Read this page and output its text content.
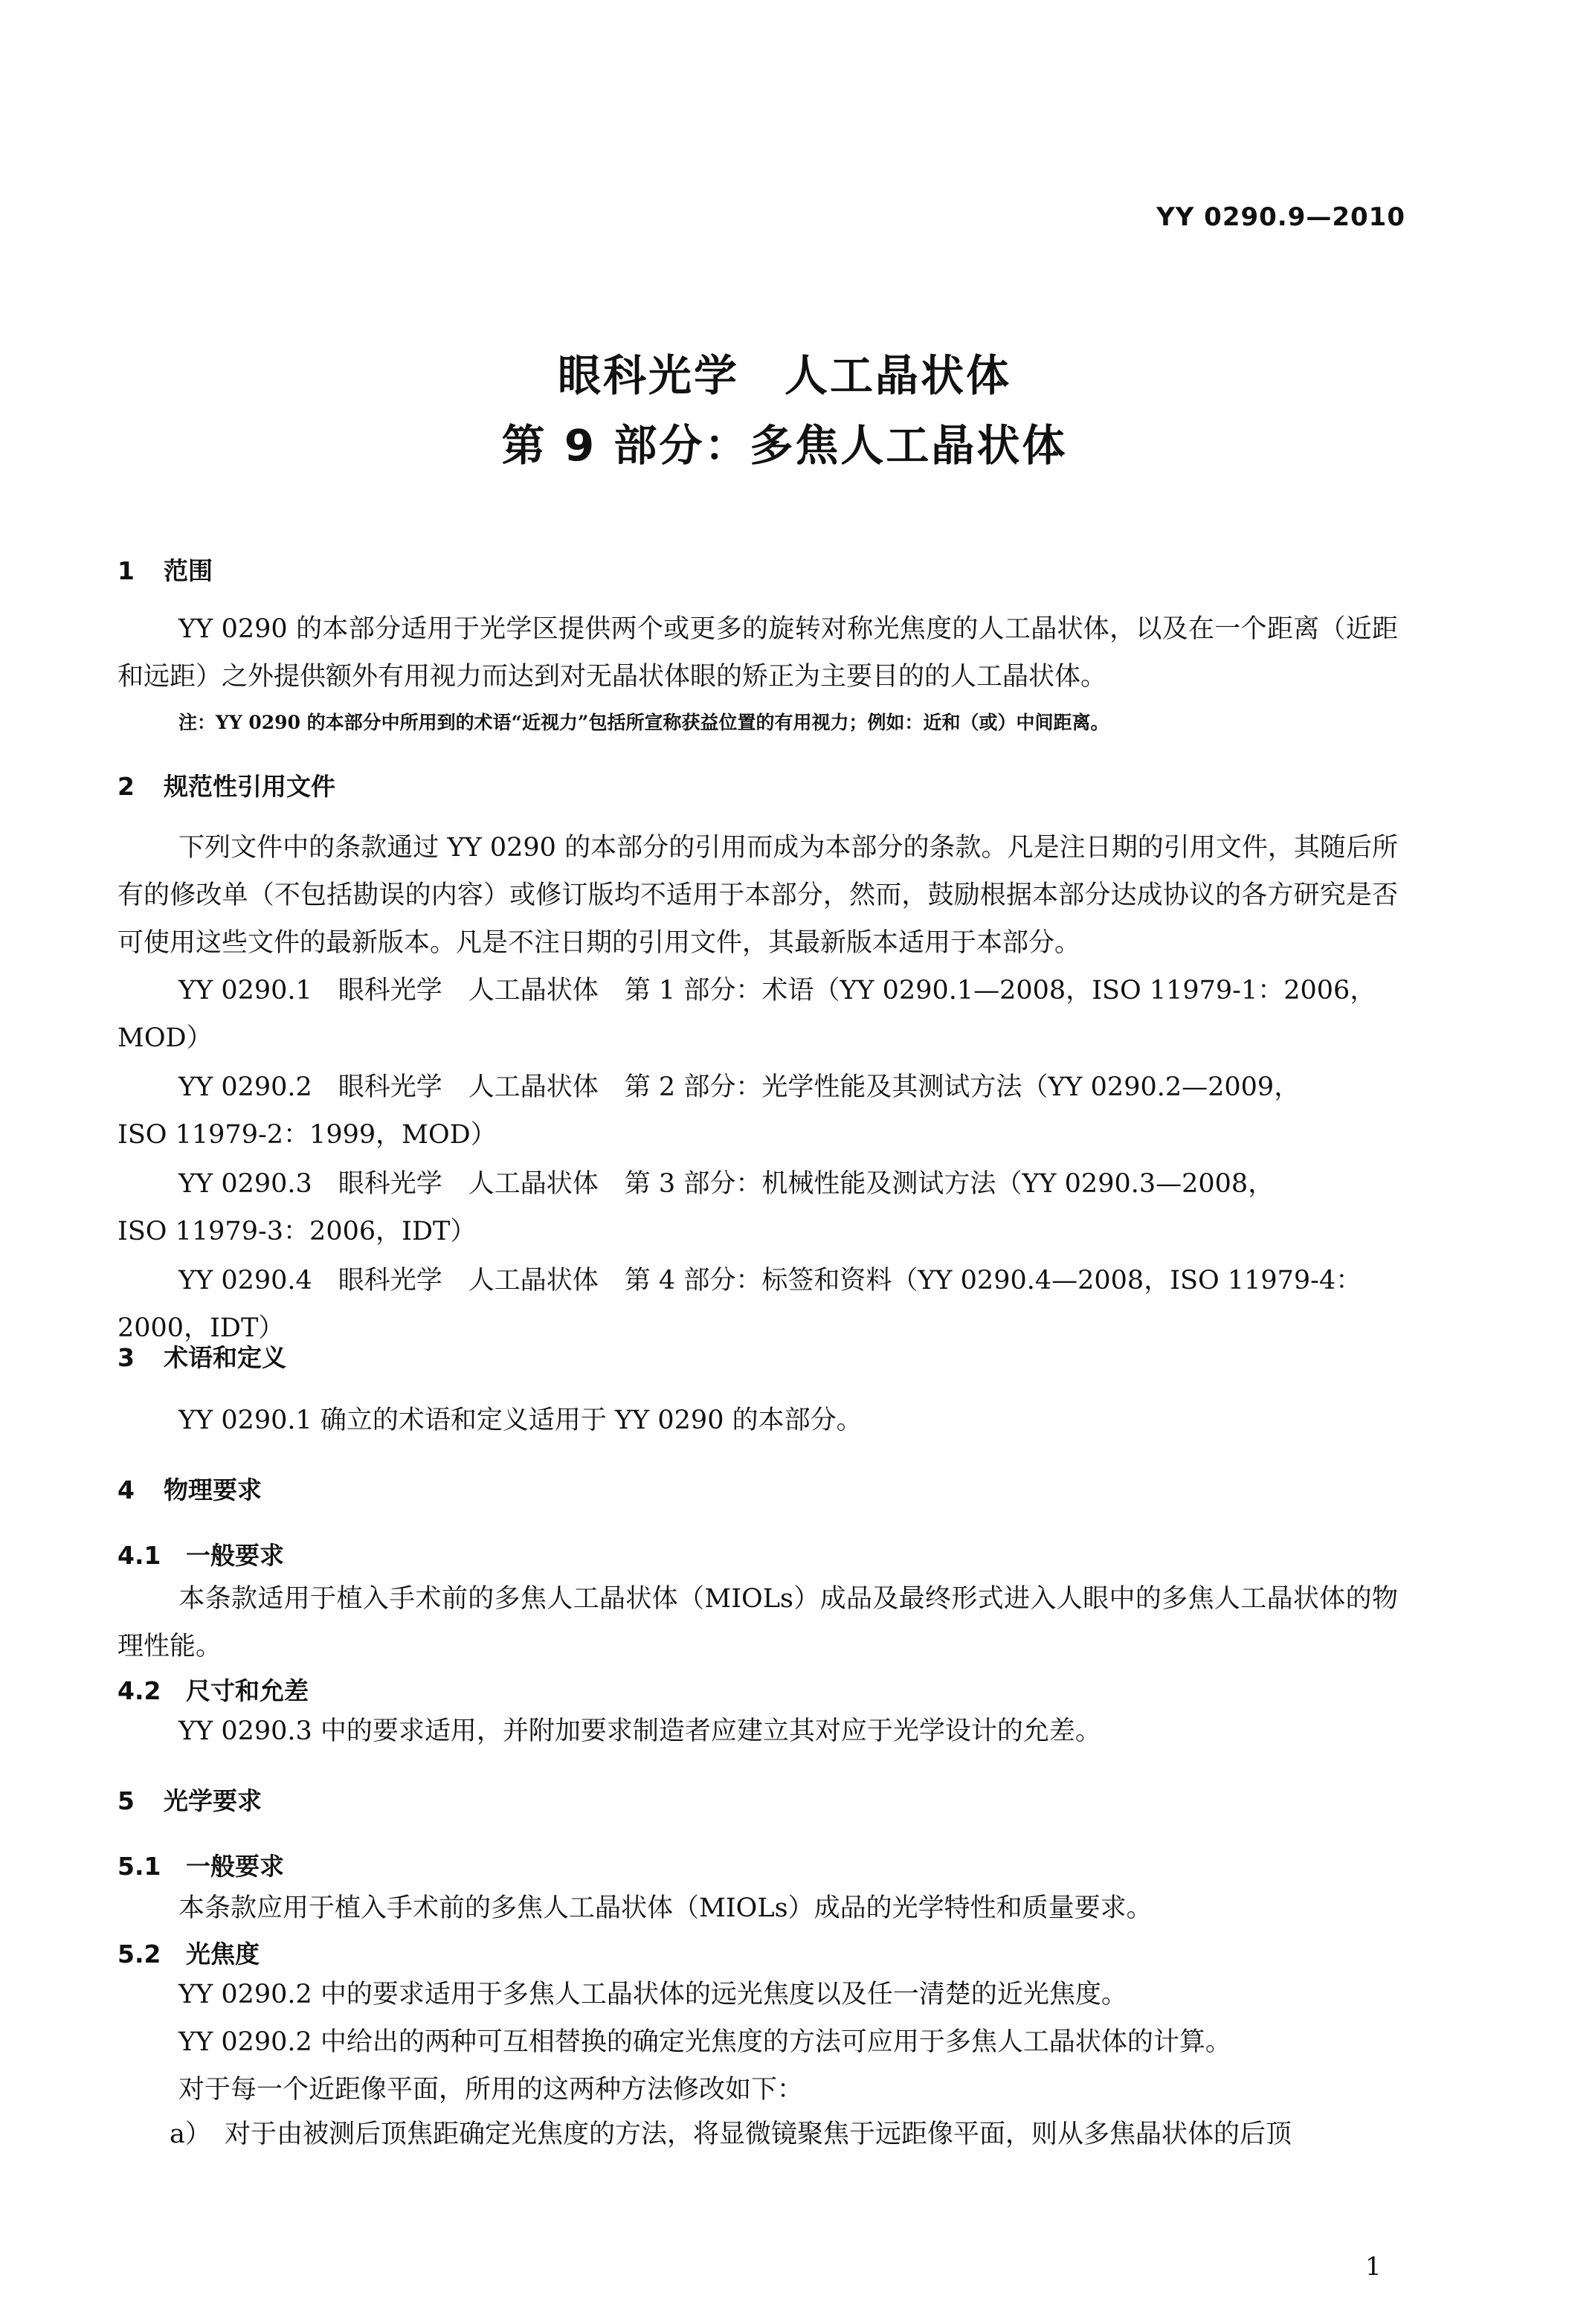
YY 0290.9—2010
眼科光学　人工晶状体
第 9 部分：多焦人工晶状体
1 范围
YY 0290 的本部分适用于光学区提供两个或更多的旋转对称光焦度的人工晶状体，以及在一个距离（近距和远距）之外提供额外有用视力而达到对无晶状体眼的矫正为主要目的的人工晶状体。
注：YY 0290 的本部分中所用到的术语“近视力”包括所宣称获益位置的有用视力；例如：近和（或）中间距离。
2 规范性引用文件
下列文件中的条款通过 YY 0290 的本部分的引用而成为本部分的条款。凡是注日期的引用文件，其随后所有的修改单（不包括勘误的内容）或修订版均不适用于本部分，然而，鼓励根据本部分达成协议的各方研究是否可使用这些文件的最新版本。凡是不注日期的引用文件，其最新版本适用于本部分。
YY 0290.1　眼科光学　人工晶状体　第 1 部分：术语（YY 0290.1—2008，ISO 11979-1：2006，
MOD）
YY 0290.2　眼科光学　人工晶状体　第 2 部分：光学性能及其测试方法（YY 0290.2—2009，
ISO 11979-2：1999，MOD）
YY 0290.3　眼科光学　人工晶状体　第 3 部分：机械性能及测试方法（YY 0290.3—2008，
ISO 11979-3：2006，IDT）
YY 0290.4　眼科光学　人工晶状体　第 4 部分：标签和资料（YY 0290.4—2008，ISO 11979-4：
2000，IDT）
3 术语和定义
YY 0290.1 确立的术语和定义适用于 YY 0290 的本部分。
4 物理要求
4.1 一般要求
本条款适用于植入手术前的多焦人工晶状体（MIOLs）成品及最终形式进入人眼中的多焦人工晶状体的物理性能。
4.2 尺寸和允差
YY 0290.3 中的要求适用，并附加要求制造者应建立其对应于光学设计的允差。
5 光学要求
5.1 一般要求
本条款应用于植入手术前的多焦人工晶状体（MIOLs）成品的光学特性和质量要求。
5.2 光焦度
YY 0290.2 中的要求适用于多焦人工晶状体的远光焦度以及任一清楚的近光焦度。
YY 0290.2 中给出的两种可互相替换的确定光焦度的方法可应用于多焦人工晶状体的计算。
对于每一个近距像平面，所用的这两种方法修改如下：
a） 对于由被测后顶焦距确定光焦度的方法，将显微镜聚焦于远距像平面，则从多焦晶状体的后顶
1
